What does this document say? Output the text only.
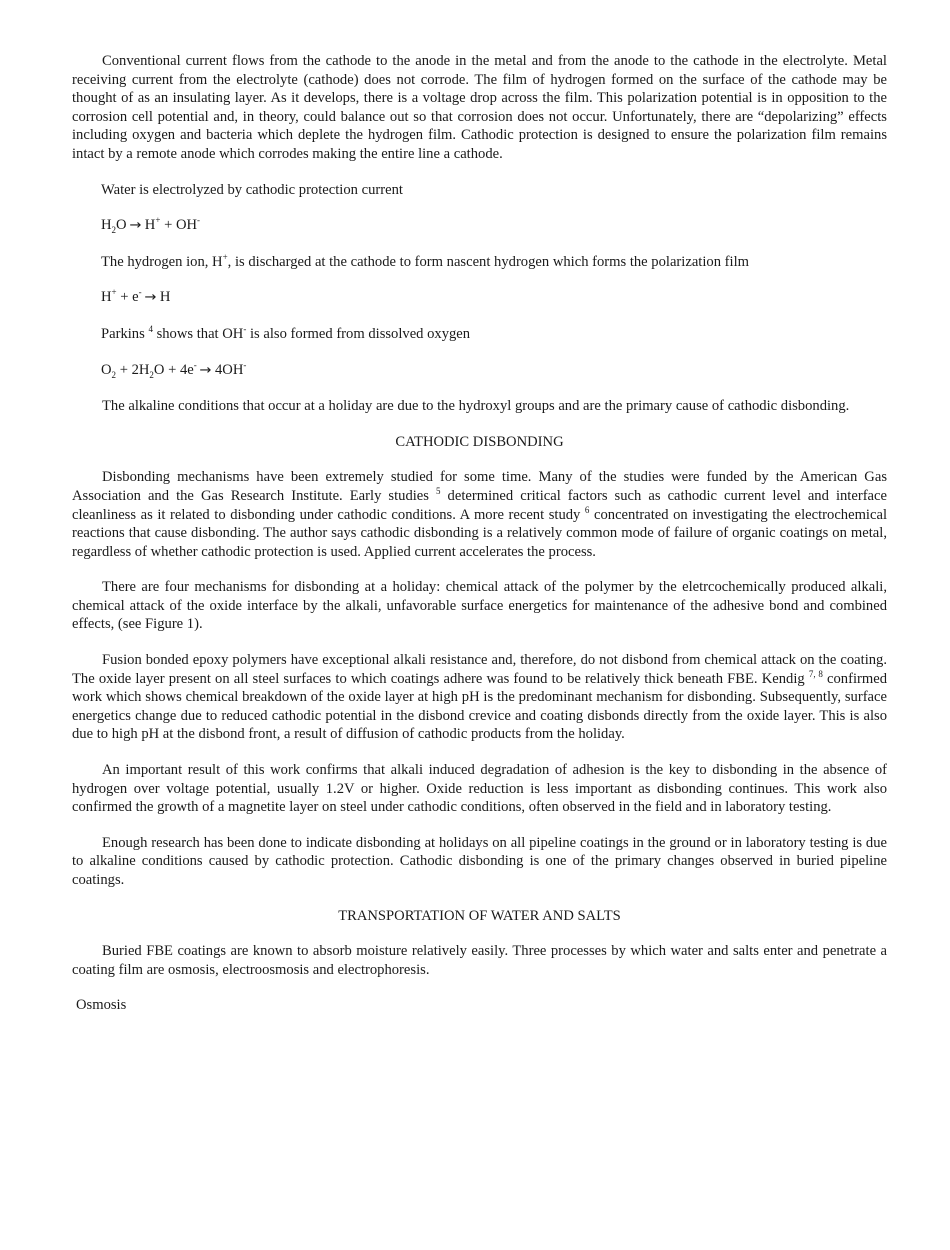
Conventional current flows from the cathode to the anode in the metal and from the anode to the cathode in the electrolyte. Metal receiving current from the electrolyte (cathode) does not corrode. The film of hydrogen formed on the surface of the cathode may be thought of as an insulating layer. As it develops, there is a voltage drop across the film. This polarization potential is in opposition to the corrosion cell potential and, in theory, could balance out so that corrosion does not occur. Unfortunately, there are “depolarizing” effects including oxygen and bacteria which deplete the hydrogen film. Cathodic protection is designed to ensure the polarization film remains intact by a remote anode which corrodes making the entire line a cathode.

Water is electrolyzed by cathodic protection current

$H_2O \to H^+ + OH^-$

The hydrogen ion, H+, is discharged at the cathode to form nascent hydrogen which forms the polarization film

H+ + e- → H

Parkins $^4$ shows that OH- is also formed from dissolved oxygen

$O_2 + 2H_2O + 4e^- \to 4OH^-$

The alkaline conditions that occur at a holiday are due to the hydroxyl groups and are the primary cause of cathodic disbonding.

CATHODIC DISBONDING

Disbonding mechanisms have been extremely studied for some time. Many of the studies were funded by the American Gas Association and the Gas Research Institute. Early studies $^5$ determined critical factors such as cathodic current level and interface cleanliness as it related to disbonding under cathodic conditions. A more recent study $^6$ concentrated on investigating the electrochemical reactions that cause disbonding. The author says cathodic disbonding is a relatively common mode of failure of organic coatings on metal, regardless of whether cathodic protection is used. Applied current accelerates the process.

There are four mechanisms for disbonding at a holiday: chemical attack of the polymer by the eletrcochemically produced alkali, chemical attack of the oxide interface by the alkali, unfavorable surface energetics for maintenance of the adhesive bond and combined effects, (see Figure 1).

Fusion bonded epoxy polymers have exceptional alkali resistance and, therefore, do not disbond from chemical attack on the coating. The oxide layer present on all steel surfaces to which coatings adhere was found to be relatively thick beneath FBE. Kendig $^{7, 8}$ confirmed work which shows chemical breakdown of the oxide layer at high pH is the predominant mechanism for disbonding. Subsequently, surface energetics change due to reduced cathodic potential in the disbond crevice and coating disbonds directly from the oxide layer. This is also due to high pH at the disbond front, a result of diffusion of cathodic products from the holiday.

An important result of this work confirms that alkali induced degradation of adhesion is the key to disbonding in the absence of hydrogen over voltage potential, usually 1.2V or higher. Oxide reduction is less important as disbonding continues. This work also confirmed the growth of a magnetite layer on steel under cathodic conditions, often observed in the field and in laboratory testing.

Enough research has been done to indicate disbonding at holidays on all pipeline coatings in the ground or in laboratory testing is due to alkaline conditions caused by cathodic protection. Cathodic disbonding is one of the primary changes observed in buried pipeline coatings.

TRANSPORTATION OF WATER AND SALTS

Buried FBE coatings are known to absorb moisture relatively easily. Three processes by which water and salts enter and penetrate a coating film are osmosis, electroosmosis and electrophoresis.

Osmosis
